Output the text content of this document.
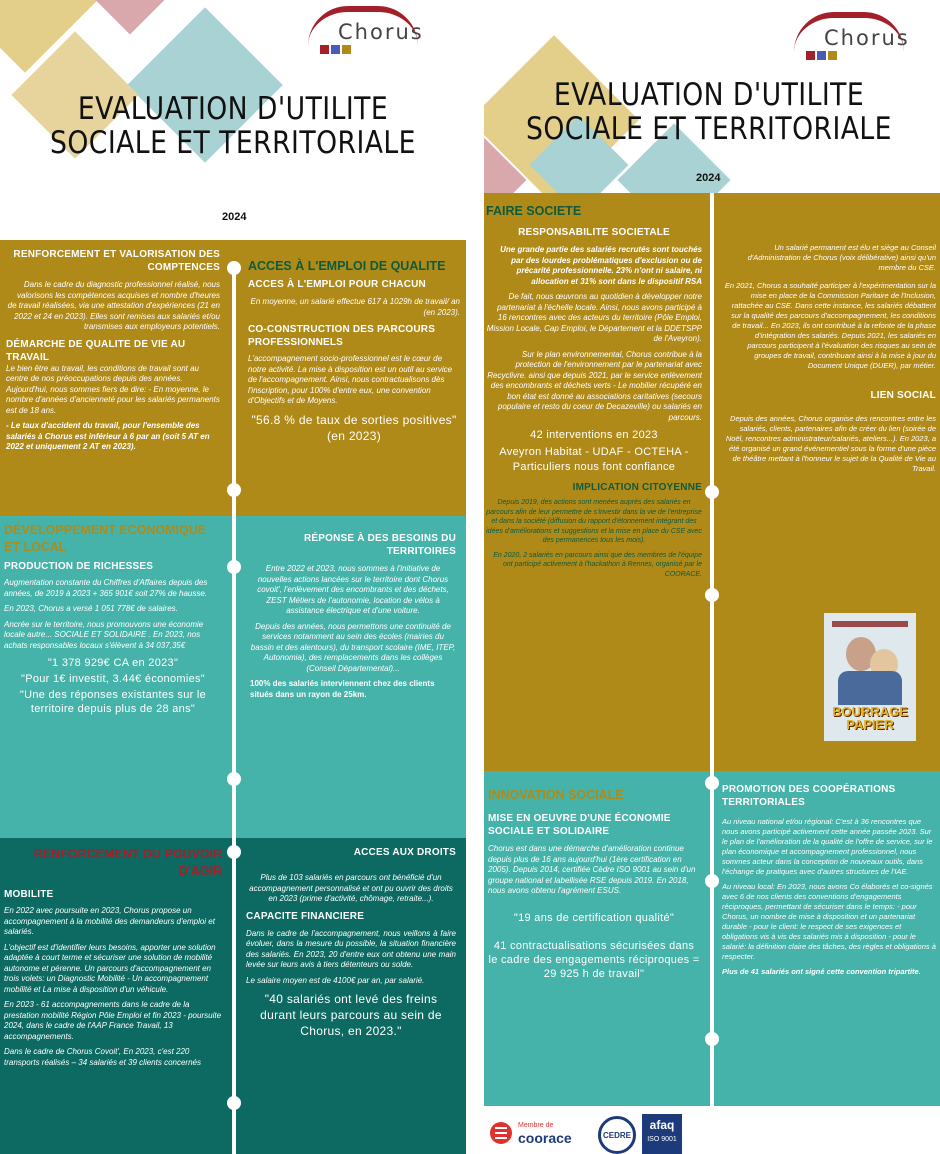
Chorus
EVALUATION D'UTILITE
SOCIALE ET TERRITORIALE
2024
RENFORCEMENT ET VALORISATION DES COMPTENCES
Dans le cadre du diagnostic professionnel réalisé, nous valorisons les compétences acquises et nombre d'heures de travail réalisées, via une attestation d'expériences (21 en 2022 et 24 en 2023). Elles sont remises aux salariés et/ou transmises aux employeurs potentiels.
DÉMARCHE DE QUALITE DE VIE AU TRAVAIL
Le bien être au travail, les conditions de travail sont au centre de nos préoccupations depuis des années. Aujourd'hui, nous sommes fiers de dire: - En moyenne, le nombre d'années d'ancienneté pour les salariés permanents est de 18 ans.
- Le taux d'accident du travail, pour l'ensemble des salariés à Chorus est inférieur à 6 par an (soit 5 AT en 2022 et uniquement 2 AT en 2023).
ACCES À L'EMPLOI DE QUALITE
ACCES À L'EMPLOI POUR CHACUN
En moyenne, un salarié effectue 617 à 1029h de travail/ an (en 2023).
CO-CONSTRUCTION DES PARCOURS PROFESSIONNELS
L'accompagnement socio-professionnel est le cœur de notre activité. La mise à disposition est un outil au service de l'accompagnement. Ainsi, nous contractualisons dès l'inscription, pour 100% d'entre eux, une convention d'Objectifs et de Moyens.
"56.8 % de taux de sorties positives" (en 2023)
DÉVELOPPEMENT ECONOMIQUE ET LOCAL
PRODUCTION DE RICHESSES
Augmentation constante du Chiffres d'Affaires depuis des années, de 2019 à 2023 + 365 901€ soit 27% de hausse.
En 2023, Chorus a versé 1 051 778€ de salaires.
Ancrée sur le territoire, nous promouvons une économie locale autre... SOCIALE ET SOLIDAIRE . En 2023, nos achats responsables locaux s'élèvent à 34 037,35€
"1 378 929€ CA en 2023"
"Pour 1€ investit, 3.44€ économies"
"Une des réponses existantes sur le territoire depuis plus de 28 ans"
RÉPONSE À DES BESOINS DU TERRITOIRES
Entre 2022 et 2023, nous sommes à l'initiative de nouvelles actions lancées sur le territoire dont Chorus covoit', l'enlèvement des encombrants et des déchets, ZEST Métiers de l'autonomie, location de vélos à assistance électrique et d'une voiture.
Depuis des années, nous permettons une continuité de services notamment au sein des écoles (mairies du bassin et des alentours), du transport scolaire (IME, ITEP, Autonomia), des remplacements dans les collèges (Conseil Départemental)...
100% des salariés interviennent chez des clients situés dans un rayon de 25km.
RENFORCEMENT DU POUVOIR D'AGIR
MOBILITE
En 2022 avec poursuite en 2023, Chorus propose un accompagnement à la mobilité des demandeurs d'emploi et salariés.
L'objectif est d'identifier leurs besoins, apporter une solution adaptée à court terme et sécuriser une solution de mobilité autonome et pérenne. Un parcours d'accompagnement en trois volets: un Diagnostic Mobilité - Un accompagnement mobilité et La mise à disposition d'un véhicule.
En 2023 - 61 accompagnements dans le cadre de la prestation mobilité Région Pôle Emploi et fin 2023 - poursuite 2024, dans le cadre de l'AAP France Travail, 13 accompagnements.
Dans le cadre de Chorus Covoit', En 2023, c'est 220 transports réalisés – 34 salariés et 39 clients concernés
ACCES AUX DROITS
Plus de 103 salariés en parcours ont bénéficié d'un accompagnement personnalisé et ont pu ouvrir des droits en 2023 (prime d'activité, chômage, retraite...).
CAPACITE FINANCIERE
Dans le cadre de l'accompagnement, nous veillons à faire évoluer, dans la mesure du possible, la situation financière des salariés. En 2023, 20 d'entre eux ont obtenu une main levée sur leurs avis à tiers détenteurs ou solde.
Le salaire moyen est de 4100€ par an, par salarié.
"40 salariés ont levé des freins durant leurs parcours au sein de Chorus, en 2023."
Chorus
EVALUATION D'UTILITE
SOCIALE ET TERRITORIALE
2024
FAIRE SOCIETE
RESPONSABILITE SOCIETALE
Une grande partie des salariés recrutés sont touchés par des lourdes problématiques d'exclusion ou de précarité professionnelle. 23% n'ont ni salaire, ni allocation et 31% sont dans le dispositif RSA
De fait, nous œuvrons au quotidien à développer notre partenariat à l'échelle locale. Ainsi, nous avons participé à 16 rencontres avec des acteurs du territoire (Pôle Emploi, Mission Locale, Cap Emploi, le Département et la DDETSPP de l'Aveyron).
Sur le plan environnemental, Chorus contribue à la protection de l'environnement par le partenariat avec Recyclivre. ainsi que depuis 2021, par le service enlèvement des encombrants et déchets verts - Le mobilier récupéré en bon état est donné au associations caritatives (secours populaire et resto du coeur de Decazeville) ou salariés en parcours.
42 interventions en 2023
Aveyron Habitat - UDAF - OCTEHA - Particuliers nous font confiance
IMPLICATION CITOYENNE
Depuis 2019, des actions sont menées auprès des salariés en parcours afin de leur permettre de s'investir dans la vie de l'entreprise et dans la société (diffusion du rapport d'étonnement intégrant des idées d'améliorations et suggestions et la mise en place du CSE avec des permanences tous les mois).
En 2020, 2 salariés en parcours ainsi que des membres de l'équipe ont participé activement à l'hackathon à Rennes, organisé par le COORACE.
Un salarié permanent est élu et siège au Conseil d'Administration de Chorus (voix délibérative) ainsi qu'un membre du CSE.
En 2021, Chorus a souhaité participer à l'expérimentation sur la mise en place de la Commission Paritaire de l'Inclusion, rattachée au CSE. Dans cette instance, les salariés débattent sur la qualité des parcours d'accompagnement, les conditions de travail... En 2023, ils ont contribué à la refonte de la phase d'intégration des salariés. Depuis 2021, les salariés en parcours participent à l'évaluation des risques au sein de groupes de travail, contribuant ainsi à la mise à jour du Document Unique (DUER), par métier.
LIEN SOCIAL
Depuis des années, Chorus organise des rencontres entre les salariés, clients, partenaires afin de créer du lien (soirée de Noël, rencontres administrateur/salariés, ateliers...). En 2023, a été organisé un grand événementiel sous la forme d'une pièce de théâtre mettant à l'honneur le sujet de la Qualité de Vie au Travail.
BOURRAGE PAPIER
INNOVATION SOCIALE
MISE EN OEUVRE D'UNE ÉCONOMIE SOCIALE ET SOLIDAIRE
Chorus est dans une démarche d'amélioration continue depuis plus de 16 ans aujourd'hui (1ère certification en 2005). Depuis 2014, certifiée Cèdre ISO 9001 au sein d'un groupe national et labellisée RSE depuis 2019. En 2018, nous avons obtenu l'agrément ESUS.
"19 ans de certification qualité"
41 contractualisations sécurisées dans le cadre des engagements réciproques = 29 925 h de travail"
PROMOTION DES COOPÉRATIONS TERRITORIALES
Au niveau national et/ou régional: C'est à 36 rencontres que nous avons participé activement cette année passée 2023. Sur le plan de l'amélioration de la qualité de l'offre de service, sur le plan économique et accompagnement professionnel, nous sommes acteur dans la conception de nouveaux outils, dans l'échange de pratiques avec d'autres structures de l'IAE.
Au niveau local: En 2023, nous avons Co élaborés et co-signés avec 6 de nos clients des conventions d'engagements réciproques, permettant de sécuriser dans le temps: - pour Chorus, un nombre de mise à disposition et un partenariat durable - pour le client: le respect de ses exigences et obligations vis à vis des salariés mis à disposition - pour le salarié: la définition claire des tâches, des règles et obligations à respecter.
Plus de 41 salariés ont signé cette convention tripartite.
Membre de
coorace	CEDRE
afaq
ISO 9001
